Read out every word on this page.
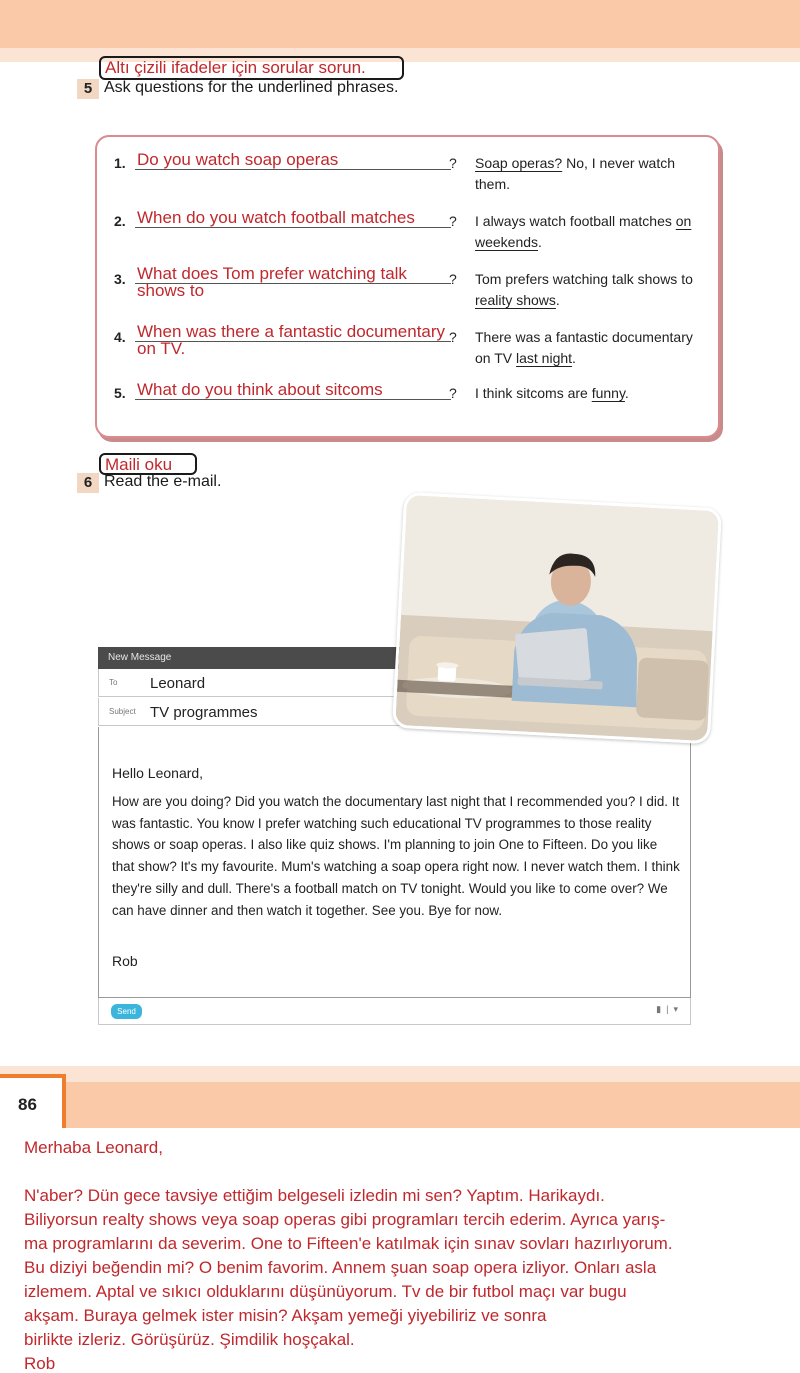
Altı çizili ifadeler için sorular sorun.
5 Ask questions for the underlined phrases.
1. Do you watch soap operas	? Soap operas? No, I never watch them.
2. When do you watch football matches	? I always watch football matches on weekends.
3. What does Tom prefer watching talk shows to
? Tom prefers watching talk shows to reality shows.
4. When was there a fantastic documentary on TV.
? There was a fantastic documentary on TV last night.
5. What do you think about sitcoms	? I think sitcoms are funny.
Maili oku
6 Read the e-mail.
New Message
To Leonard
Subject TV programmes
Hello Leonard,
How are you doing? Did you watch the documentary last night that I recommended you? I did. It was fantastic. You know I prefer watching such educational TV programmes to those reality shows or soap operas. I also like quiz shows. I'm planning to join One to Fifteen. Do you like that show? It's my favourite. Mum's watching a soap opera right now. I never watch them. I think they're silly and dull. There's a football match on TV tonight. Would you like to come over? We can have dinner and then watch it together. See you. Bye for now.
Rob
Send	▮  |  ▾
86
Merhaba Leonard,
N'aber? Dün gece tavsiye ettiğim belgeseli izledin mi sen? Yaptım. Harikaydı.
Biliyorsun realty shows veya soap operas gibi programları tercih ederim. Ayrıca yarış-
ma programlarını da severim. One to Fifteen'e katılmak için sınav sovları hazırlıyorum.
Bu diziyi beğendin mi? O benim favorim. Annem şuan soap opera izliyor. Onları asla
izlemem. Aptal ve sıkıcı olduklarını düşünüyorum. Tv de bir futbol maçı var bugu
akşam. Buraya gelmek ister misin? Akşam yemeği yiyebiliriz ve sonra
birlikte izleriz. Görüşürüz. Şimdilik hoşçakal.
Rob
